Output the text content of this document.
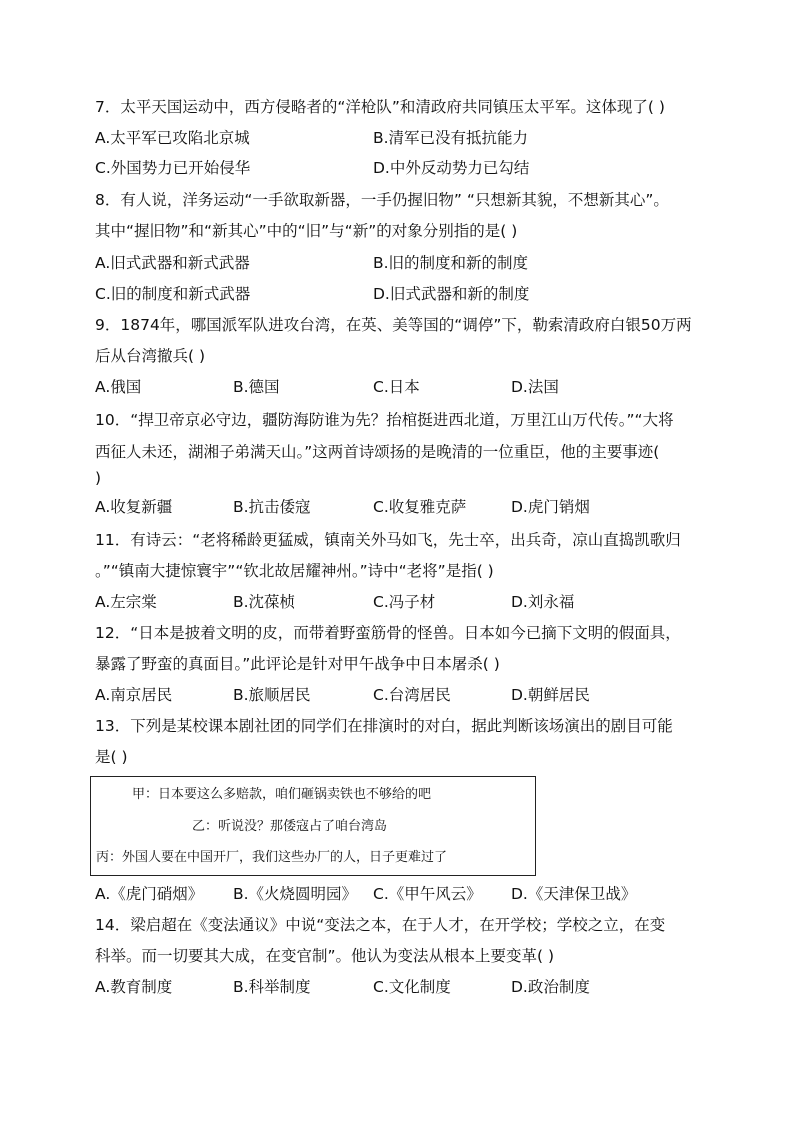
7．太平天国运动中，西方侵略者的“洋枪队”和清政府共同镇压太平军。这体现了( )
A.太平军已攻陷北京城	B.清军已没有抵抗能力
C.外国势力已开始侵华	D.中外反动势力已勾结
8．有人说，洋务运动“一手欲取新器，一手仍握旧物” “只想新其貌，不想新其心”。
其中“握旧物”和“新其心”中的“旧”与“新”的对象分别指的是( )
A.旧式武器和新式武器	B.旧的制度和新的制度
C.旧的制度和新式武器	D.旧式武器和新的制度
9．1874年，哪国派军队进攻台湾，在英、美等国的“调停”下，勒索清政府白银50万两
后从台湾撤兵( )
A.俄国	B.德国	C.日本	D.法国
10．“捍卫帝京必守边，疆防海防谁为先？抬棺挺进西北道，万里江山万代传。”“大将
西征人未还，湖湘子弟满天山。”这两首诗颂扬的是晚清的一位重臣，他的主要事迹(
)
A.收复新疆	B.抗击倭寇	C.收复雅克萨	D.虎门销烟
11．有诗云：“老将稀龄更猛威，镇南关外马如飞，先士卒，出兵奇，凉山直捣凯歌归
。”“镇南大捷惊寰宇”“钦北故居耀神州。”诗中“老将”是指( )
A.左宗棠	B.沈葆桢	C.冯子材	D.刘永福
12．“日本是披着文明的皮，而带着野蛮筋骨的怪兽。日本如今已摘下文明的假面具，
暴露了野蛮的真面目。”此评论是针对甲午战争中日本屠杀( )
A.南京居民	B.旅顺居民	C.台湾居民	D.朝鲜居民
13．下列是某校课本剧社团的同学们在排演时的对白，据此判断该场演出的剧目可能
是( )
甲：日本要这么多赔款，咱们砸锅卖铁也不够给的吧
乙：听说没？那倭寇占了咱台湾岛
丙：外国人要在中国开厂，我们这些办厂的人，日子更难过了
A.《虎门硝烟》 B.《火烧圆明园》 C.《甲午风云》 D.《天津保卫战》
14．梁启超在《变法通议》中说“变法之本，在于人才，在开学校；学校之立，在变
科举。而一切要其大成，在变官制”。他认为变法从根本上要变革( )
A.教育制度	B.科举制度	C.文化制度	D.政治制度
